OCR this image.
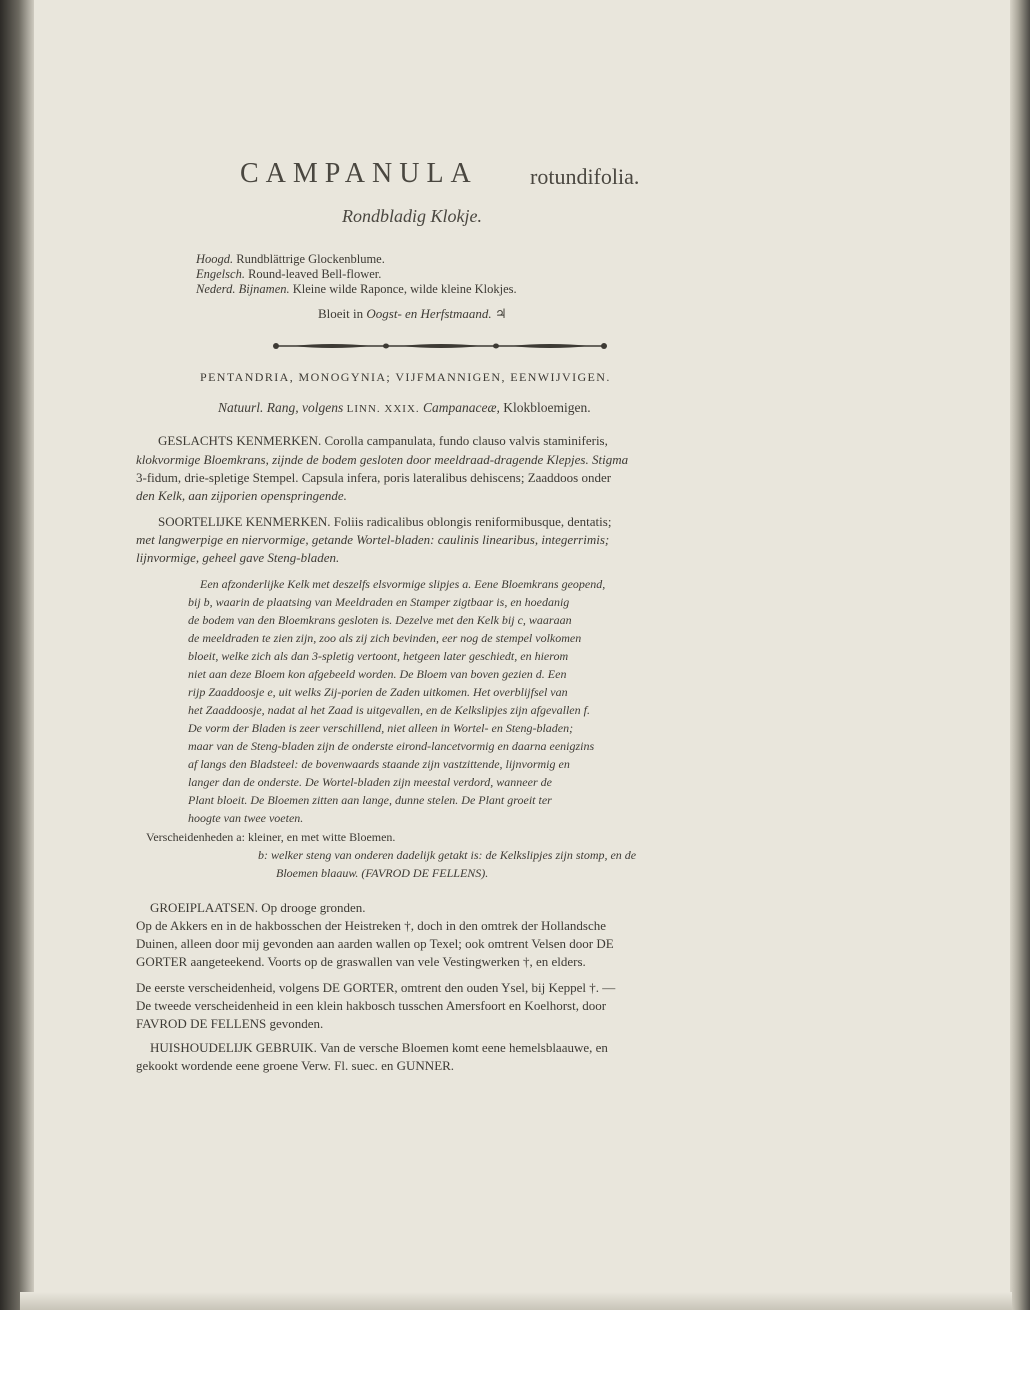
CAMPANULA rotundifolia.
Rondbladig Klokje.
Hoogd. Rundblättrige Glockenblume.
Engelsch. Round-leaved Bell-flower.
Nederd. Bijnamen. Kleine wilde Raponce, wilde kleine Klokjes.
Bloeit in Oogst- en Herfstmaand. ♃
PENTANDRIA, MONOGYNIA; VIJFMANNIGEN, EENWIJVIGEN.
Natuurl. Rang, volgens LINN. XXIX. Campanaceæ, Klokbloemigen.
GESLACHTS KENMERKEN. Corolla campanulata, fundo clauso valvis staminiferis,
klokvormige Bloemkrans, zijnde de bodem gesloten door meeldraad-dragende Klepjes. Stigma
3-fidum, drie-spletige Stempel. Capsula infera, poris lateralibus dehiscens; Zaaddoos onder
den Kelk, aan zijporien openspringende.
SOORTELIJKE KENMERKEN. Foliis radicalibus oblongis reniformibusque, dentatis;
met langwerpige en niervormige, getande Wortel-bladen: caulinis linearibus, integerrimis;
lijnvormige, geheel gave Steng-bladen.
Een afzonderlijke Kelk met deszelfs elsvormige slipjes a. Eene Bloemkrans geopend,
bij b, waarin de plaatsing van Meeldraden en Stamper zigtbaar is, en hoedanig
de bodem van den Bloemkrans gesloten is. Dezelve met den Kelk bij c, waaraan
de meeldraden te zien zijn, zoo als zij zich bevinden, eer nog de stempel volkomen
bloeit, welke zich als dan 3-spletig vertoont, hetgeen later geschiedt, en hierom
niet aan deze Bloem kon afgebeeld worden. De Bloem van boven gezien d. Een
rijp Zaaddoosje e, uit welks Zij-porien de Zaden uitkomen. Het overblijfsel van
het Zaaddoosje, nadat al het Zaad is uitgevallen, en de Kelkslipjes zijn afgevallen f.
De vorm der Bladen is zeer verschillend, niet alleen in Wortel- en Steng-bladen;
maar van de Steng-bladen zijn de onderste eirond-lancetvormig en daarna eenigzins
af langs den Bladsteel: de bovenwaards staande zijn vastzittende, lijnvormig en
langer dan de onderste. De Wortel-bladen zijn meestal verdord, wanneer de
Plant bloeit. De Bloemen zitten aan lange, dunne stelen. De Plant groeit ter
hoogte van twee voeten.
Verscheidenheden a: kleiner, en met witte Bloemen.
b: welker steng van onderen dadelijk getakt is: de Kelkslipjes zijn stomp, en de
Bloemen blaauw. (FAVROD DE FELLENS).
GROEIPLAATSEN. Op drooge gronden.
Op de Akkers en in de hakbosschen der Heistreken †, doch in den omtrek der Hollandsche
Duinen, alleen door mij gevonden aan aarden wallen op Texel; ook omtrent Velsen door DE
GORTER aangeteekend. Voorts op de graswallen van vele Vestingwerken †, en elders.
De eerste verscheidenheid, volgens DE GORTER, omtrent den ouden Ysel, bij Keppel †. —
De tweede verscheidenheid in een klein hakbosch tusschen Amersfoort en Koelhorst, door
FAVROD DE FELLENS gevonden.
HUISHOUDELIJK GEBRUIK. Van de versche Bloemen komt eene hemelsblaauwe, en
gekookt wordende eene groene Verw. Fl. suec. en GUNNER.
